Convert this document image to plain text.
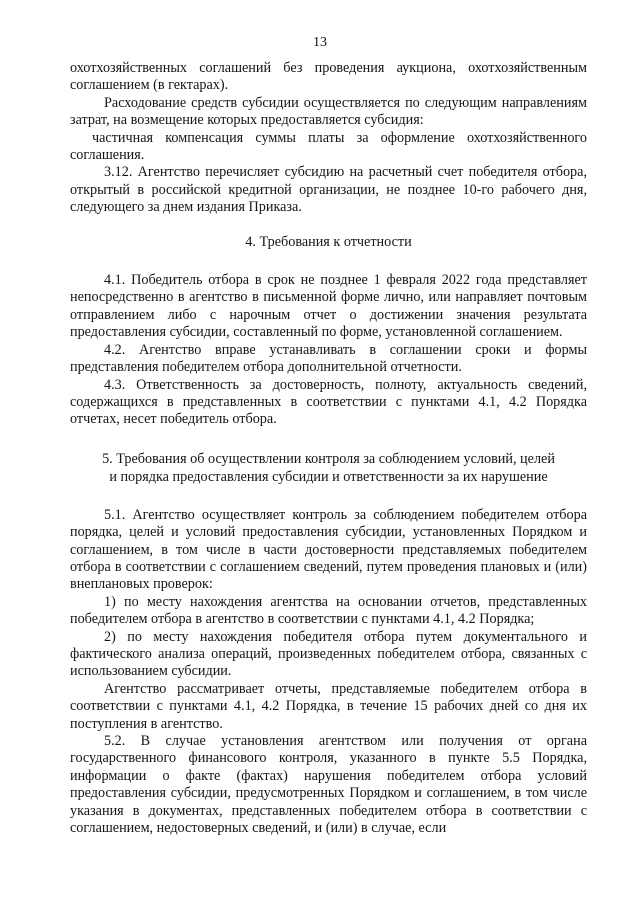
13

охотхозяйственных соглашений без проведения аукциона, охотхозяйственным соглашением (в гектарах).

Расходование средств субсидии осуществляется по следующим направлениям затрат, на возмещение которых предоставляется субсидия:

частичная компенсация суммы платы за оформление охотхозяйственного соглашения.

3.12. Агентство перечисляет субсидию на расчетный счет победителя отбора, открытый в российской кредитной организации, не позднее 10-го рабочего дня, следующего за днем издания Приказа.

4. Требования к отчетности

4.1. Победитель отбора в срок не позднее 1 февраля 2022 года представляет непосредственно в агентство в письменной форме лично, или направляет почтовым отправлением либо с нарочным отчет о достижении значения результата предоставления субсидии, составленный по форме, установленной соглашением.

4.2. Агентство вправе устанавливать в соглашении сроки и формы представления победителем отбора дополнительной отчетности.

4.3. Ответственность за достоверность, полноту, актуальность сведений, содержащихся в представленных в соответствии с пунктами 4.1, 4.2 Порядка отчетах, несет победитель отбора.

5. Требования об осуществлении контроля за соблюдением условий, целей
и порядка предоставления субсидии и ответственности за их нарушение

5.1. Агентство осуществляет контроль за соблюдением победителем отбора порядка, целей и условий предоставления субсидии, установленных Порядком и соглашением, в том числе в части достоверности представляемых победителем отбора в соответствии с соглашением сведений, путем проведения плановых и (или) внеплановых проверок:

1) по месту нахождения агентства на основании отчетов, представленных победителем отбора в агентство в соответствии с пунктами 4.1, 4.2 Порядка;

2) по месту нахождения победителя отбора путем документального и фактического анализа операций, произведенных победителем отбора, связанных с использованием субсидии.

Агентство рассматривает отчеты, представляемые победителем отбора в соответствии с пунктами 4.1, 4.2 Порядка, в течение 15 рабочих дней со дня их поступления в агентство.

5.2. В случае установления агентством или получения от органа государственного финансового контроля, указанного в пункте 5.5 Порядка, информации о факте (фактах) нарушения победителем отбора условий предоставления субсидии, предусмотренных Порядком и соглашением, в том числе указания в документах, представленных победителем отбора в соответствии с соглашением, недостоверных сведений, и (или) в случае, если
